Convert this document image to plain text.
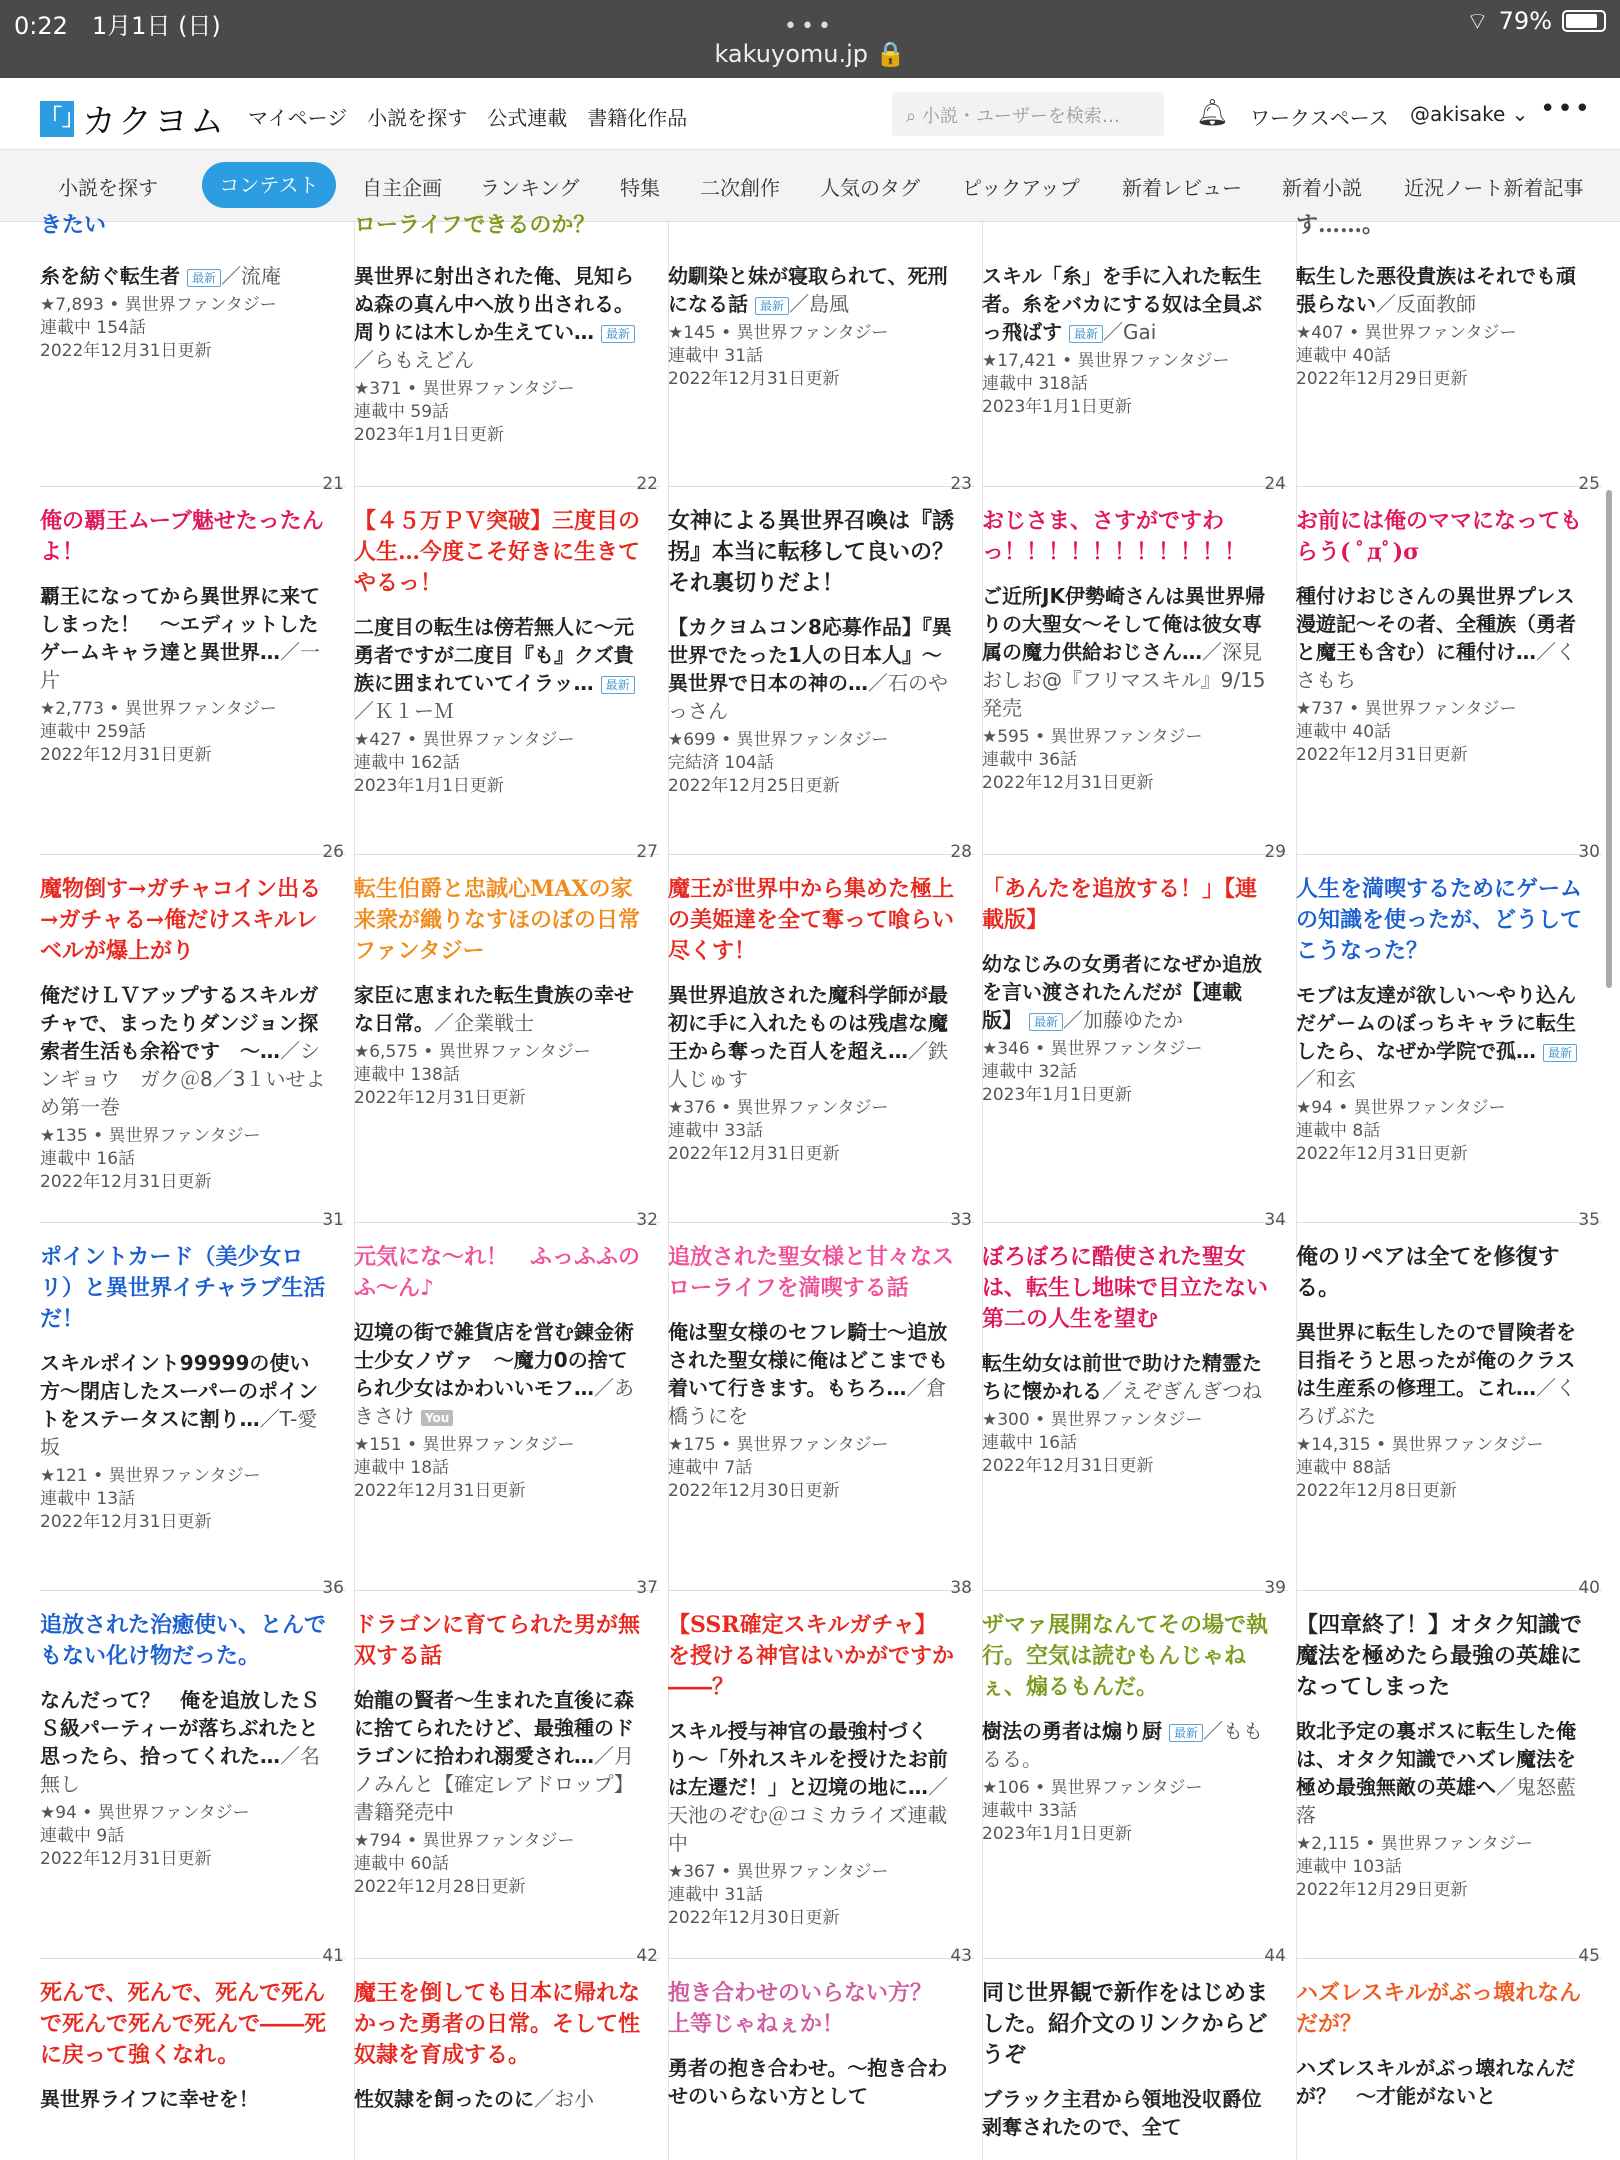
0:22　 1月1日 (日)	•••
kakuyomu.jp 🔒
⌔ 79%
「」
カクヨム マイページ 小説を探す 公式連載 書籍化作品	⌕ 小説・ユーザーを検索…	🔔︎ ワークスペース @akisake ⌄ •••
小説を探す	コンテスト	自主企画 ランキング 特集 二次創作 人気のタグ ピックアップ 新着レビュー 新着小説 近況ノート新着記事
きたい	ローライフできるのか？	す……。
糸を紡ぐ転生者 最新 ／流庵
★7,893 • 異世界ファンタジー
連載中 154話
2022年12月31日更新
異世界に射出された俺、見知らぬ森の真ん中へ放り出される。周りには木しか生えてい… 最新／らもえどん
★371 • 異世界ファンタジー
連載中 59話
2023年1月1日更新
幼馴染と妹が寝取られて、死刑になる話 最新 ／島風
★145 • 異世界ファンタジー
連載中 31話
2022年12月31日更新
スキル「糸」を手に入れた転生者。糸をバカにする奴は全員ぶっ飛ばす 最新 ／Gai
★17,421 • 異世界ファンタジー
連載中 318話
2023年1月1日更新
転生した悪役貴族はそれでも頑張らない／反面教師
★407 • 異世界ファンタジー
連載中 40話
2022年12月29日更新
21
俺の覇王ムーブ魅せたったんよ！
覇王になってから異世界に来てしまった！　〜エディットしたゲームキャラ達と異世界…／一片
★2,773 • 異世界ファンタジー
連載中 259話
2022年12月31日更新
22
【４５万ＰＶ突破】三度目の人生…今度こそ好きに生きてやるっ！
二度目の転生は傍若無人に〜元勇者ですが二度目『も』クズ貴族に囲まれていてイラッ… 最新／Ｋ１ーＭ
★427 • 異世界ファンタジー
連載中 162話
2023年1月1日更新
23
女神による異世界召喚は『誘拐』本当に転移して良いの？　それ裏切りだよ！
【カクヨムコン8応募作品】『異世界でたった1人の日本人』〜 異世界で日本の神の…／石のやっさん
★699 • 異世界ファンタジー
完結済 104話
2022年12月25日更新
24
おじさま、さすがですわっ！！！！！！！！！！！
ご近所JK伊勢崎さんは異世界帰りの大聖女〜そして俺は彼女専属の魔力供給おじさん…／深見おしお@『フリマスキル』9/15発売
★595 • 異世界ファンタジー
連載中 36話
2022年12月31日更新
25
お前には俺のママになってもらう( ﾟдﾟ)σ
種付けおじさんの異世界プレス漫遊記〜その者、全種族（勇者と魔王も含む）に種付け…／くさもち
★737 • 異世界ファンタジー
連載中 40話
2022年12月31日更新
26
魔物倒す→ガチャコイン出る→ガチャる→俺だけスキルレベルが爆上がり
俺だけＬＶアップするスキルガチャで、まったりダンジョン探索者生活も余裕です　〜…／シンギョウ　ガク＠8／3１いせよめ第一巻
★135 • 異世界ファンタジー
連載中 16話
2022年12月31日更新
27
転生伯爵と忠誠心MAXの家来衆が織りなすほのぼの日常ファンタジー
家臣に恵まれた転生貴族の幸せな日常。／企業戦士
★6,575 • 異世界ファンタジー
連載中 138話
2022年12月31日更新
28
魔王が世界中から集めた極上の美姫達を全て奪って喰らい尽くす！
異世界追放された魔科学師が最初に手に入れたものは残虐な魔王から奪った百人を超え…／鉄人じゅす
★376 • 異世界ファンタジー
連載中 33話
2022年12月31日更新
29
「あんたを追放する！」【連載版】
幼なじみの女勇者になぜか追放を言い渡されたんだが【連載版】 最新 ／加藤ゆたか
★346 • 異世界ファンタジー
連載中 32話
2023年1月1日更新
30
人生を満喫するためにゲームの知識を使ったが、どうしてこうなった？
モブは友達が欲しい〜やり込んだゲームのぼっちキャラに転生したら、なぜか学院で孤… 最新／和玄
★94 • 異世界ファンタジー
連載中 8話
2022年12月31日更新
31
ポイントカード（美少女ロリ）と異世界イチャラブ生活だ！
スキルポイント99999の使い方〜閉店したスーパーのポイントをステータスに割り…／T-愛坂
★121 • 異世界ファンタジー
連載中 13話
2022年12月31日更新
32
元気にな〜れ！　ふっふふのふ〜ん♪
辺境の街で雑貨店を営む錬金術士少女ノヴァ　〜魔力0の捨てられ少女はかわいいモフ…／あきさけ You
★151 • 異世界ファンタジー
連載中 18話
2022年12月31日更新
33
追放された聖女様と甘々なスローライフを満喫する話
俺は聖女様のセフレ騎士〜追放された聖女様に俺はどこまでも着いて行きます。もちろ…／倉橋うにを
★175 • 異世界ファンタジー
連載中 7話
2022年12月30日更新
34
ぼろぼろに酷使された聖女は、転生し地味で目立たない第二の人生を望む
転生幼女は前世で助けた精霊たちに懐かれる／えぞぎんぎつね
★300 • 異世界ファンタジー
連載中 16話
2022年12月31日更新
35
俺のリペアは全てを修復する。
異世界に転生したので冒険者を目指そうと思ったが俺のクラスは生産系の修理工。これ…／くろげぶた
★14,315 • 異世界ファンタジー
連載中 88話
2022年12月8日更新
36
追放された治癒使い、とんでもない化け物だった。
なんだって？　俺を追放したＳＳ級パーティーが落ちぶれたと思ったら、拾ってくれた…／名無し
★94 • 異世界ファンタジー
連載中 9話
2022年12月31日更新
37
ドラゴンに育てられた男が無双する話
始龍の賢者〜生まれた直後に森に捨てられたけど、最強種のドラゴンに拾われ溺愛され…／月ノみんと【確定レアドロップ】書籍発売中
★794 • 異世界ファンタジー
連載中 60話
2022年12月28日更新
38
【SSR確定スキルガチャ】を授ける神官はいかがですか――？
スキル授与神官の最強村づくり〜「外れスキルを授けたお前は左遷だ！」と辺境の地に…／天池のぞむ＠コミカライズ連載中
★367 • 異世界ファンタジー
連載中 31話
2022年12月30日更新
39
ザマァ展開なんてその場で執行。空気は読むもんじゃねぇ、煽るもんだ。
樹法の勇者は煽り厨 最新 ／ももるる。
★106 • 異世界ファンタジー
連載中 33話
2023年1月1日更新
40
【四章終了！】オタク知識で魔法を極めたら最強の英雄になってしまった
敗北予定の裏ボスに転生した俺は、オタク知識でハズレ魔法を極め最強無敵の英雄へ／鬼怒藍落
★2,115 • 異世界ファンタジー
連載中 103話
2022年12月29日更新
41
死んで、死んで、死んで死んで死んで死んで死んで――死に戻って強くなれ。
異世界ライフに幸せを！
42
魔王を倒しても日本に帰れなかった勇者の日常。そして性奴隷を育成する。
性奴隷を飼ったのに／お小
43
抱き合わせのいらない方？　上等じゃねぇか！
勇者の抱き合わせ。〜抱き合わせのいらない方として
44
同じ世界観で新作をはじめました。紹介文のリンクからどうぞ
ブラック主君から領地没収爵位剥奪されたので、全て
45
ハズレスキルがぶっ壊れなんだが？
ハズレスキルがぶっ壊れなんだが？　〜才能がないと
